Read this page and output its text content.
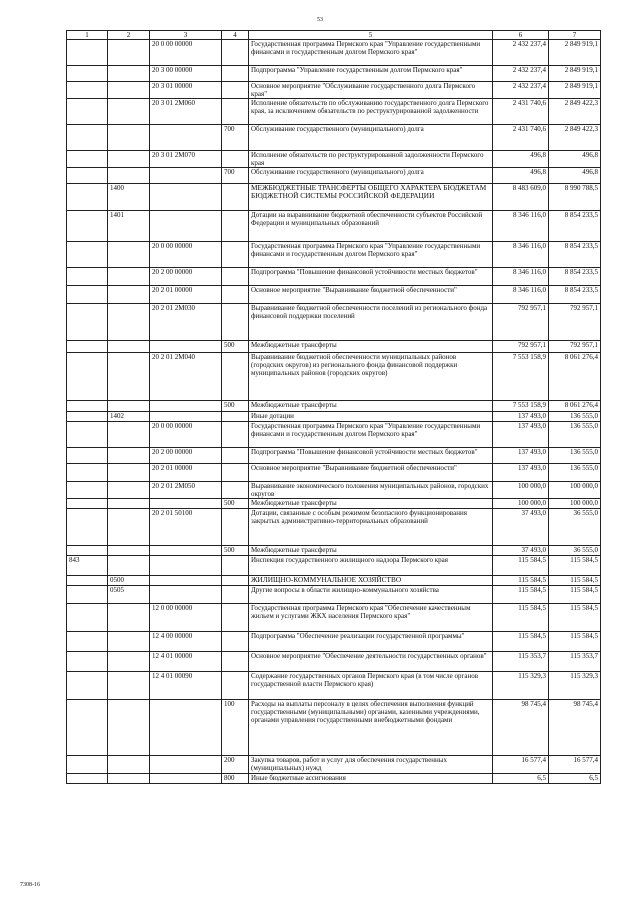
53
1	2	3	4	5	6	7
		20 0 00 00000		Государственная программа Пермского края "Управление государственными финансами и государственным долгом Пермского края"	2 432 237,4	2 849 919,1
		20 3 00 00000		Подпрограмма "Управление государственным долгом Пермского края"	2 432 237,4	2 849 919,1
		20 3 01 00000		Основное мероприятие "Обслуживание государственного долга Пермского края"	2 432 237,4	2 849 919,1
		20 3 01 2М060		Исполнение обязательств по обслуживанию государственного долга Пермского края, за исключением обязательств по реструктурированной задолженности	2 431 740,6	2 849 422,3
			700	Обслуживание государственного (муниципального) долга	2 431 740,6	2 849 422,3
		20 3 01 2М070		Исполнение обязательств по реструктурированной задолженности Пермского края	496,8	496,8
			700	Обслуживание государственного (муниципального) долга	496,8	496,8
	1400			МЕЖБЮДЖЕТНЫЕ ТРАНСФЕРТЫ ОБЩЕГО ХАРАКТЕРА БЮДЖЕТАМ БЮДЖЕТНОЙ СИСТЕМЫ РОССИЙСКОЙ ФЕДЕРАЦИИ	8 483 609,0	8 990 788,5
	1401			Дотации на выравнивание бюджетной обеспеченности субъектов Российской Федерации и муниципальных образований	8 346 116,0	8 854 233,5
		20 0 00 00000		Государственная программа Пермского края "Управление государственными финансами и государственным долгом Пермского края"	8 346 116,0	8 854 233,5
		20 2 00 00000		Подпрограмма "Повышение финансовой устойчивости местных бюджетов"	8 346 116,0	8 854 233,5
		20 2 01 00000		Основное мероприятие "Выравнивание бюджетной обеспеченности"	8 346 116,0	8 854 233,5
		20 2 01 2М030		Выравнивание бюджетной обеспеченности поселений из регионального фонда финансовой поддержки поселений	792 957,1	792 957,1
			500	Межбюджетные трансферты	792 957,1	792 957,1
		20 2 01 2М040		Выравнивание бюджетной обеспеченности муниципальных районов (городских округов) из регионального фонда финансовой поддержки муниципальных районов (городских округов)	7 553 158,9	8 061 276,4
			500	Межбюджетные трансферты	7 553 158,9	8 061 276,4
	1402			Иные дотации	137 493,0	136 555,0
		20 0 00 00000		Государственная программа Пермского края "Управление государственными финансами и государственным долгом Пермского края"	137 493,0	136 555,0
		20 2 00 00000		Подпрограмма "Повышение финансовой устойчивости местных бюджетов"	137 493,0	136 555,0
		20 2 01 00000		Основное мероприятие "Выравнивание бюджетной обеспеченности"	137 493,0	136 555,0
		20 2 01 2М050		Выравнивание экономического положения муниципальных районов, городских округов	100 000,0	100 000,0
			500	Межбюджетные трансферты	100 000,0	100 000,0
		20 2 01 50100		Дотации, связанные с особым режимом безопасного функционирования закрытых административно-территориальных образований	37 493,0	36 555,0
			500	Межбюджетные трансферты	37 493,0	36 555,0
843				Инспекция государственного жилищного надзора Пермского края	115 584,5	115 584,5
	0500			ЖИЛИЩНО-КОММУНАЛЬНОЕ ХОЗЯЙСТВО	115 584,5	115 584,5
	0505			Другие вопросы в области жилищно-коммунального хозяйства	115 584,5	115 584,5
		12 0 00 00000		Государственная программа Пермского края "Обеспечение качественным жильем и услугами ЖКХ населения Пермского края"	115 584,5	115 584,5
		12 4 00 00000		Подпрограмма "Обеспечение реализации государственной программы"	115 584,5	115 584,5
		12 4 01 00000		Основное мероприятие "Обеспечение деятельности государственных органов"	115 353,7	115 353,7
		12 4 01 00090		Содержание государственных органов Пермского края (в том числе органов государственной власти Пермского края)	115 329,3	115 329,3
			100	Расходы на выплаты персоналу в целях обеспечения выполнения функций государственными (муниципальными) органами, казенными учреждениями, органами управления государственными внебюджетными фондами	98 745,4	98 745,4
			200	Закупка товаров, работ и услуг для обеспечения государственных (муниципальных) нужд	16 577,4	16 577,4
			800	Иные бюджетные ассигнования	6,5	6,5
7308-16
